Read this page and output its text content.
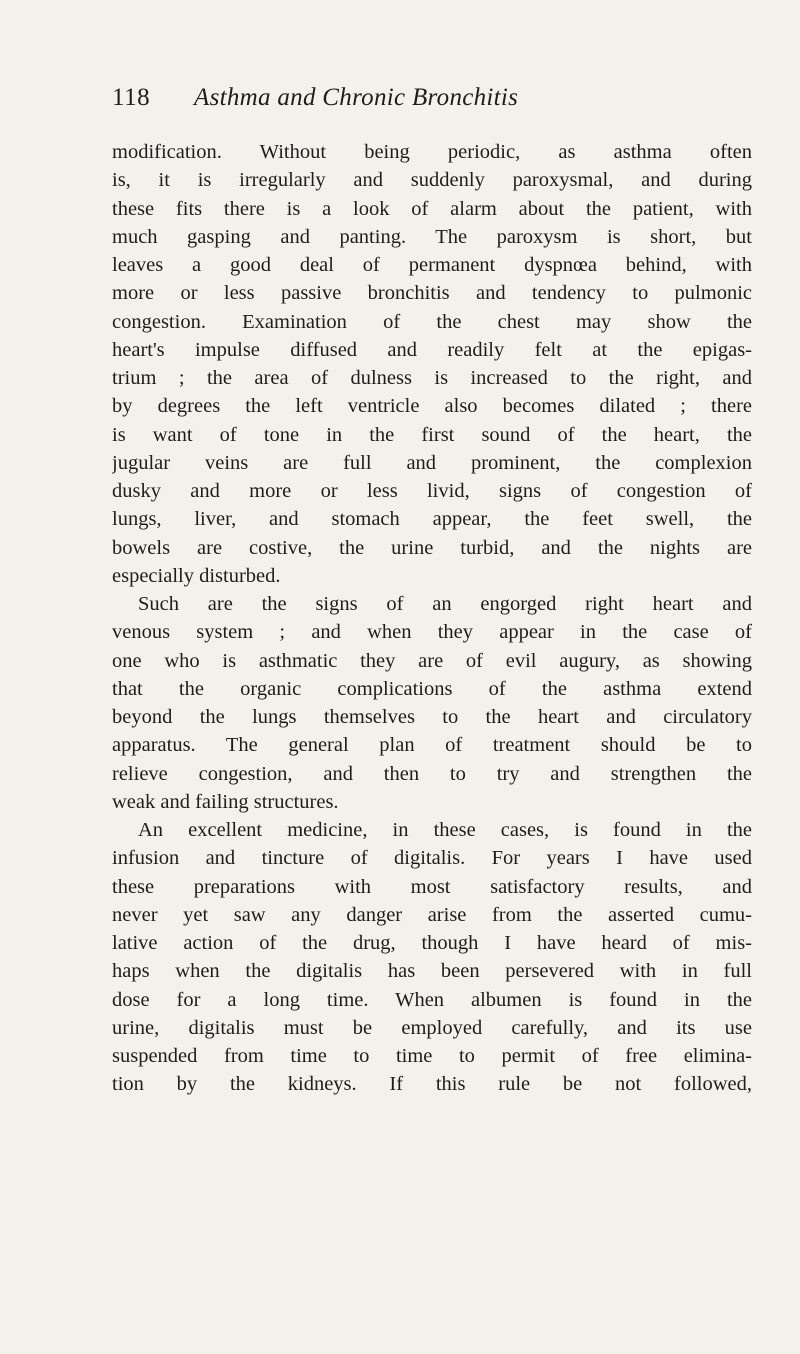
118 Asthma and Chronic Bronchitis
modification. Without being periodic, as asthma often
is, it is irregularly and suddenly paroxysmal, and during
these fits there is a look of alarm about the patient, with
much gasping and panting. The paroxysm is short, but
leaves a good deal of permanent dyspnœa behind, with
more or less passive bronchitis and tendency to pulmonic
congestion. Examination of the chest may show the
heart's impulse diffused and readily felt at the epigas-
trium ; the area of dulness is increased to the right, and
by degrees the left ventricle also becomes dilated ; there
is want of tone in the first sound of the heart, the
jugular veins are full and prominent, the complexion
dusky and more or less livid, signs of congestion of
lungs, liver, and stomach appear, the feet swell, the
bowels are costive, the urine turbid, and the nights are
especially disturbed.
Such are the signs of an engorged right heart and
venous system ; and when they appear in the case of
one who is asthmatic they are of evil augury, as showing
that the organic complications of the asthma extend
beyond the lungs themselves to the heart and circulatory
apparatus. The general plan of treatment should be to
relieve congestion, and then to try and strengthen the
weak and failing structures.
An excellent medicine, in these cases, is found in the
infusion and tincture of digitalis. For years I have used
these preparations with most satisfactory results, and
never yet saw any danger arise from the asserted cumu-
lative action of the drug, though I have heard of mis-
haps when the digitalis has been persevered with in full
dose for a long time. When albumen is found in the
urine, digitalis must be employed carefully, and its use
suspended from time to time to permit of free elimina-
tion by the kidneys. If this rule be not followed,
